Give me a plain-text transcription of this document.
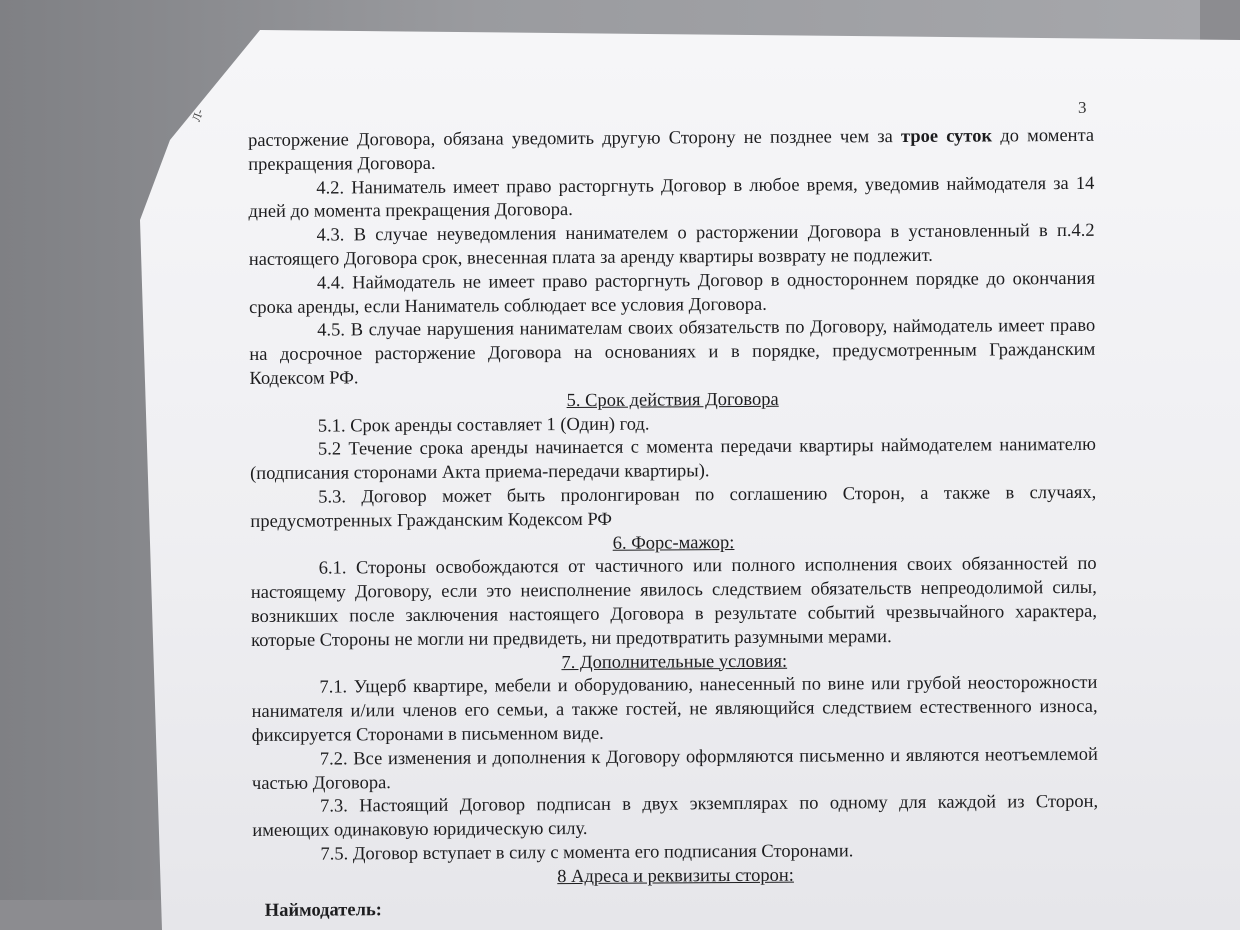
Л-	3

расторжение Договора, обязана уведомить другую Сторону не позднее чем за трое суток до момента прекращения Договора.

4.2. Наниматель имеет право расторгнуть Договор в любое время, уведомив наймодателя за 14 дней до момента прекращения Договора.

4.3. В случае неуведомления нанимателем о расторжении Договора в установленный в п.4.2 настоящего Договора срок, внесенная плата за аренду квартиры возврату не подлежит.

4.4. Наймодатель не имеет право расторгнуть Договор в одностороннем порядке до окончания срока аренды, если Наниматель соблюдает все условия Договора.

4.5. В случае нарушения нанимателам своих обязательств по Договору, наймодатель имеет право на досрочное расторжение Договора на основаниях и в порядке, предусмотренным Гражданским Кодексом РФ.

5. Срок действия Договора

5.1. Срок аренды составляет 1 (Один) год.

5.2 Течение срока аренды начинается с момента передачи квартиры наймодателем нанимателю (подписания сторонами Акта приема-передачи квартиры).

5.3. Договор может быть пролонгирован по соглашению Сторон, а также в случаях, предусмотренных Гражданским Кодексом РФ

6. Форс-мажор:

6.1. Стороны освобождаются от частичного или полного исполнения своих обязанностей по настоящему Договору, если это неисполнение явилось следствием обязательств непреодолимой силы, возникших после заключения настоящего Договора в результате событий чрезвычайного характера, которые Стороны не могли ни предвидеть, ни предотвратить разумными мерами.

7. Дополнительные условия:

7.1. Ущерб квартире, мебели и оборудованию, нанесенный по вине или грубой неосторожности нанимателя и/или членов его семьи, а также гостей, не являющийся следствием естественного износа, фиксируется Сторонами в письменном виде.

7.2. Все изменения и дополнения к Договору оформляются письменно и являются неотъемлемой частью Договора.

7.3. Настоящий Договор подписан в двух экземплярах по одному для каждой из Сторон, имеющих одинаковую юридическую силу.

7.5. Договор вступает в силу с момента его подписания Сторонами.

8 Адреса и реквизиты сторон:

Наймодатель:
